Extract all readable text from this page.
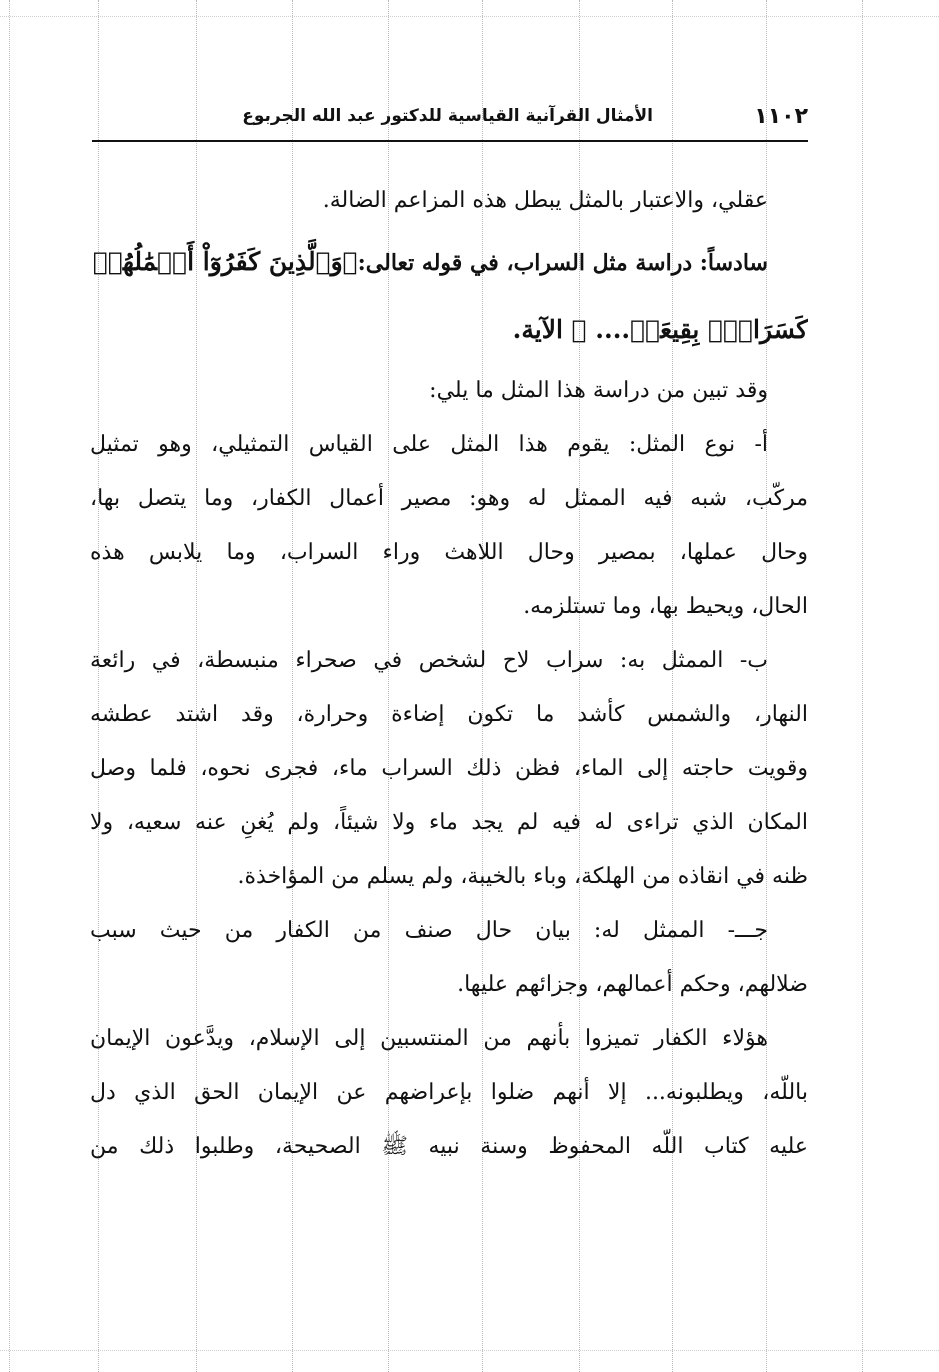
١١٠٢
الأمثال القرآنية القياسية للدكتور عبد الله الجربوع
عقلي، والاعتبار بالمثل يبطل هذه المزاعم الضالة.
سادساً: دراسة مثل السراب، في قوله تعالى:﴿وَٱلَّذِينَ كَفَرُوٓاْ أَعۡمَٰلُهُمۡ
كَسَرَابِۭ بِقِيعَةٖ.... ﴾ الآية.
وقد تبين من دراسة هذا المثل ما يلي:
أ- نوع المثل: يقوم هذا المثل على القياس التمثيلي، وهو تمثيل
مركّب، شبه فيه الممثل له وهو: مصير أعمال الكفار، وما يتصل بها،
وحال عملها، بمصير وحال اللاهث وراء السراب، وما يلابس هذه
الحال، ويحيط بها، وما تستلزمه.
ب- الممثل به: سراب لاح لشخص في صحراء منبسطة، في رائعة
النهار، والشمس كأشد ما تكون إضاءة وحرارة، وقد اشتد عطشه
وقويت حاجته إلى الماء، فظن ذلك السراب ماء، فجرى نحوه، فلما وصل
المكان الذي تراءى له فيه لم يجد ماء ولا شيئاً، ولم يُغنِ عنه سعيه، ولا
ظنه في انقاذه من الهلكة، وباء بالخيبة، ولم يسلم من المؤاخذة.
جـــ- الممثل له: بيان حال صنف من الكفار من حيث سبب
ضلالهم، وحكم أعمالهم، وجزائهم عليها.
هؤلاء الكفار تميزوا بأنهم من المنتسبين إلى الإسلام، ويدَّعون الإيمان
باللّه، ويطلبونه... إلا أنهم ضلوا بإعراضهم عن الإيمان الحق الذي دل
عليه كتاب اللّه المحفوظ وسنة نبيه ﷺ الصحيحة، وطلبوا ذلك من
